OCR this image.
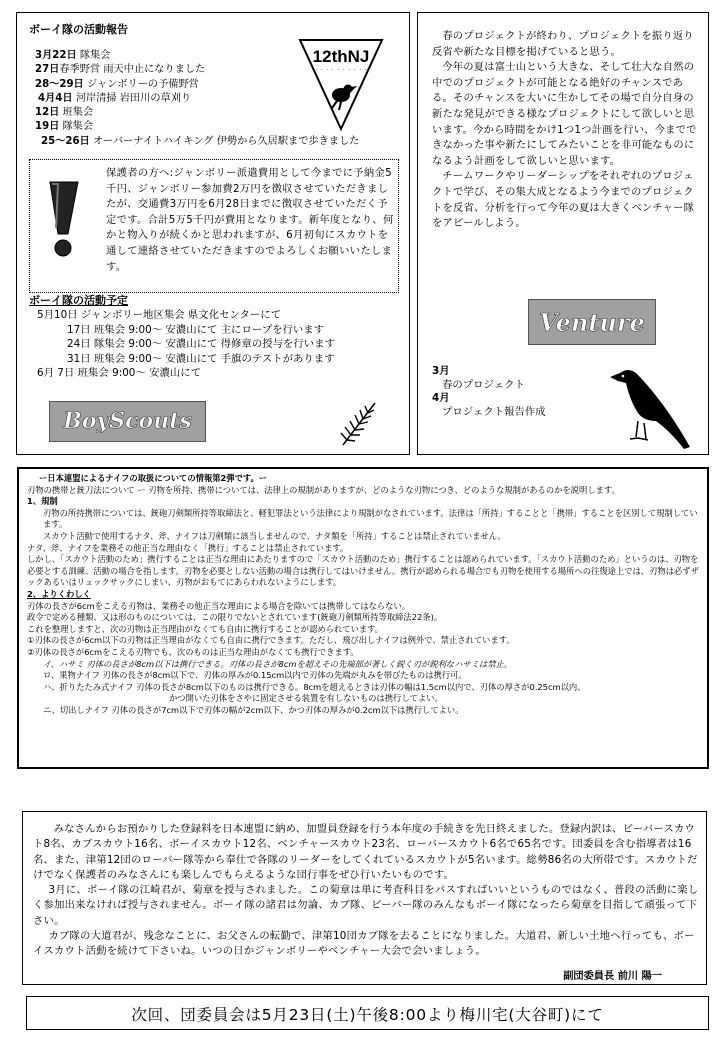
ボーイ隊の活動報告
3月22日 隊集会
27日春季野営 雨天中止になりました
28〜29日 ジャンボリーの予備野営
4月4日 河岸清掃 岩田川の草刈り
12日 班集会
19日 隊集会
25〜26日 オーバーナイトハイキング 伊勢から久居駅まで歩きました
12thNJ
・ ・ ・ ・ ・ ・ ・ ・ ・ ・
保護者の方へ:ジャンボリー派遣費用として今までに予納金5千円、ジャンボリー参加費2万円を徴収させていただきましたが、交通費3万円を6月28日までに徴収させていただく予定です。合計5万5千円が費用となります。新年度となり、何かと物入りが続くかと思われますが、6月初旬にスカウトを通して連絡させていただきますのでよろしくお願いいたします。
ボーイ隊の活動予定
5月10日 ジャンボリー地区集会 県文化センターにて
17日 班集会 9:00〜 安濃山にて 主にロープを行います
24日 隊集会 9:00〜 安濃山にて 得修章の授与を行います
31日 班集会 9:00〜 安濃山にて 手旗のテストがあります
6月 7日 班集会 9:00〜 安濃山にて
BoyScouts
春のプロジェクトが終わり、プロジェクトを振り返り反省や新たな目標を掲げていると思う。
今年の夏は富士山という大きな、そして壮大な自然の中でのプロジェクトが可能となる絶好のチャンスである。そのチャンスを大いに生かしてその場で自分自身の新たな発見ができる様なプロジェクトにして欲しいと思います。今から時間をかけ1つ1つ計画を行い、今までできなかった事や新たにしてみたいことを非可能なものになるよう計画をして欲しいと思います。
チームワークやリーダーシップをそれぞれのプロジェクトで学び、その集大成となるよう今までのプロジェクトを反省、分析を行って今年の夏は大きくベンチャー隊をアピールしよう。
Venture
3月
春のプロジェクト
4月
プロジェクト報告作成
ー日本連盟によるナイフの取扱についての情報第2弾です。ー
刃物の携帯と銃刀法について ー 刃物を所持、携帯については、法律上の規制がありますが、どのような刃物につき、どのような規制があるのかを説明します。
1、規制
刃物の所持携帯については、銃砲刀剣類所持等取締法と、軽犯罪法という法律により規制がなされています。法律は「所持」することと「携帯」することを区別して規制しています。
スカウト活動で使用するナタ、斧、ナイフは刀剣類に該当しませんので、ナタ類を「所持」することは禁止されていません。
ナタ、斧、ナイフを業務その他正当な理由なく「携行」することは禁止されています。
しかし、「スカウト活動のため」携行することは正当な理由にあたりますので「スカウト活動のため」携行することは認められています。「スカウト活動のため」というのは、刃物を必要とする訓練、活動の場合を指します。刃物を必要としない活動の場合は携行してはいけません。携行が認められる場合でも刃物を使用する場所への往復途上では、刃物は必ずザックあるいはリュックサックにしまい、刃物がおもてにあらわれないようにします。
2、よりくわしく
刃体の長さが6cmをこえる刃物は、業務その他正当な理由による場合を除いては携帯してはならない。
政令で定める種類、又は形のものについては、この限りでないとされています(銃砲刀剣類所持等取締法22条)。
これを整理しますと、次の刃物は正当理由がなくても自由に携行することが認められています。
①刃体の長さが6cm以下の刃物は正当理由がなくても自由に携行できます。ただし、飛び出しナイフは例外で、禁止されています。
②刃体の長さが6cmをこえる刃物でも、次のものは正当な理由がなくても携行できます。
イ、ハサミ 刃体の長さが8cm以下は携行できる。刃体の長さが8cmを超えその先端部が著しく鋭く刃が鋭利なハサミは禁止。
ロ、果物ナイフ 刃体の長さが8cm以下で、刃体の厚みが0.15cm以内で刃体の先端が丸みを帯びたものは携行可。
ハ、折りたたみ式ナイフ 刃体の長さが8cm以下のものは携行できる。8cmを超えるときは刃体の幅は1.5cm以内で、刃体の厚さが0.25cm以内、
かつ開いた刃体をさやに固定させる装置を有しないものは携行してよい。
ニ、切出しナイフ 刃体の長さが7cm以下で刃体の幅が2cm以下、かつ刃体の厚みが0.2cm以下は携行してよい。
みなさんからお預かりした登録料を日本連盟に納め、加盟員登録を行う本年度の手続きを先日終えました。登録内訳は、ビーバースカウト8名、カブスカウト16名、ボーイスカウト12名、ベンチャースカウト23名、ローバースカウト6名で65名です。団委員を含む指導者は16名、また、津第12団のローバー隊等から奉仕で各隊のリーダーをしてくれているスカウトが5名います。総勢86名の大所帯です。スカウトだけでなく保護者のみなさんにも楽しんでもらえるような団行事をぜひ行いたいものです。
3月に、ボーイ隊の江崎君が、菊章を授与されました。この菊章は単に考査科目をパスすればいいというものではなく、普段の活動に楽しく参加出来なければ授与されません。ボーイ隊の諸君は勿論、カブ隊、ビーバー隊のみんなもボーイ隊になったら菊章を目指して頑張って下さい。
カブ隊の大道君が、残念なことに、お父さんの転勤で、津第10団カブ隊を去ることになりました。大道君、新しい土地へ行っても、ボーイスカウト活動を続けて下さいね。いつの日かジャンボリーやベンチャー大会で会いましょう。
副団委員長 前川 陽一
次回、団委員会は5月23日(土)午後8:00より梅川宅(大谷町)にて
